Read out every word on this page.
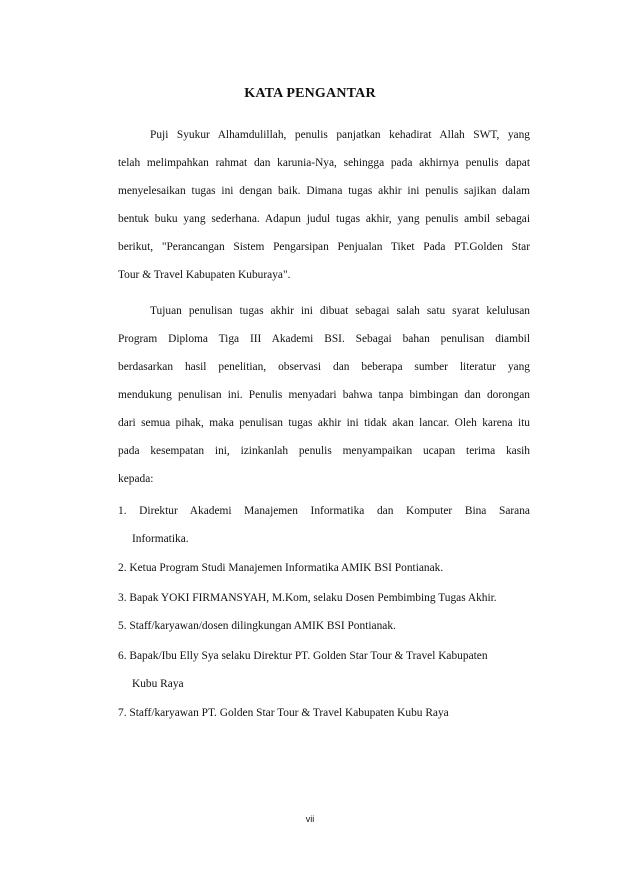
KATA PENGANTAR
Puji Syukur Alhamdulillah, penulis panjatkan kehadirat Allah SWT, yang
telah melimpahkan rahmat dan karunia-Nya, sehingga pada akhirnya penulis dapat
menyelesaikan tugas ini dengan baik. Dimana tugas akhir ini penulis sajikan dalam
bentuk buku yang sederhana. Adapun judul tugas akhir, yang penulis ambil sebagai
berikut, "Perancangan Sistem Pengarsipan Penjualan Tiket Pada PT.Golden Star
Tour & Travel Kabupaten Kuburaya".
Tujuan penulisan tugas akhir ini dibuat sebagai salah satu syarat kelulusan
Program Diploma Tiga III Akademi BSI. Sebagai bahan penulisan diambil
berdasarkan hasil penelitian, observasi dan beberapa sumber literatur yang
mendukung penulisan ini. Penulis menyadari bahwa tanpa bimbingan dan dorongan
dari semua pihak, maka penulisan tugas akhir ini tidak akan lancar. Oleh karena itu
pada kesempatan ini, izinkanlah penulis menyampaikan ucapan terima kasih
kepada:
1. Direktur Akademi Manajemen Informatika dan Komputer Bina Sarana
Informatika.
2. Ketua Program Studi Manajemen Informatika AMIK BSI Pontianak.
3. Bapak YOKI FIRMANSYAH, M.Kom, selaku Dosen Pembimbing Tugas Akhir.
5. Staff/karyawan/dosen dilingkungan AMIK BSI Pontianak.
6. Bapak/Ibu Elly Sya selaku Direktur PT. Golden Star Tour & Travel Kabupaten
Kubu Raya
7. Staff/karyawan PT. Golden Star Tour & Travel Kabupaten Kubu Raya
vii
